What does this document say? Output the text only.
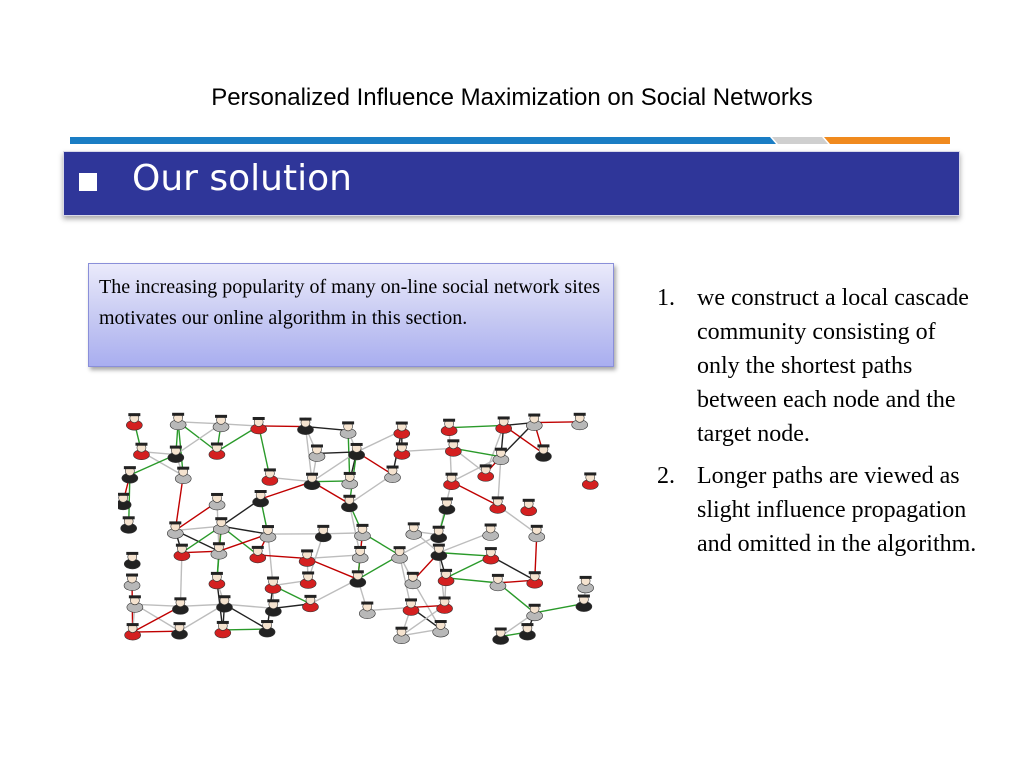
Personalized Influence Maximization on Social Networks
Our solution
The increasing popularity of many on-line social network sites motivates our online algorithm in this section.
1. we construct a local cascade community consisting of only the shortest paths between each node and the target node.
2. Longer paths are viewed as slight influence propagation and omitted in the algorithm.
